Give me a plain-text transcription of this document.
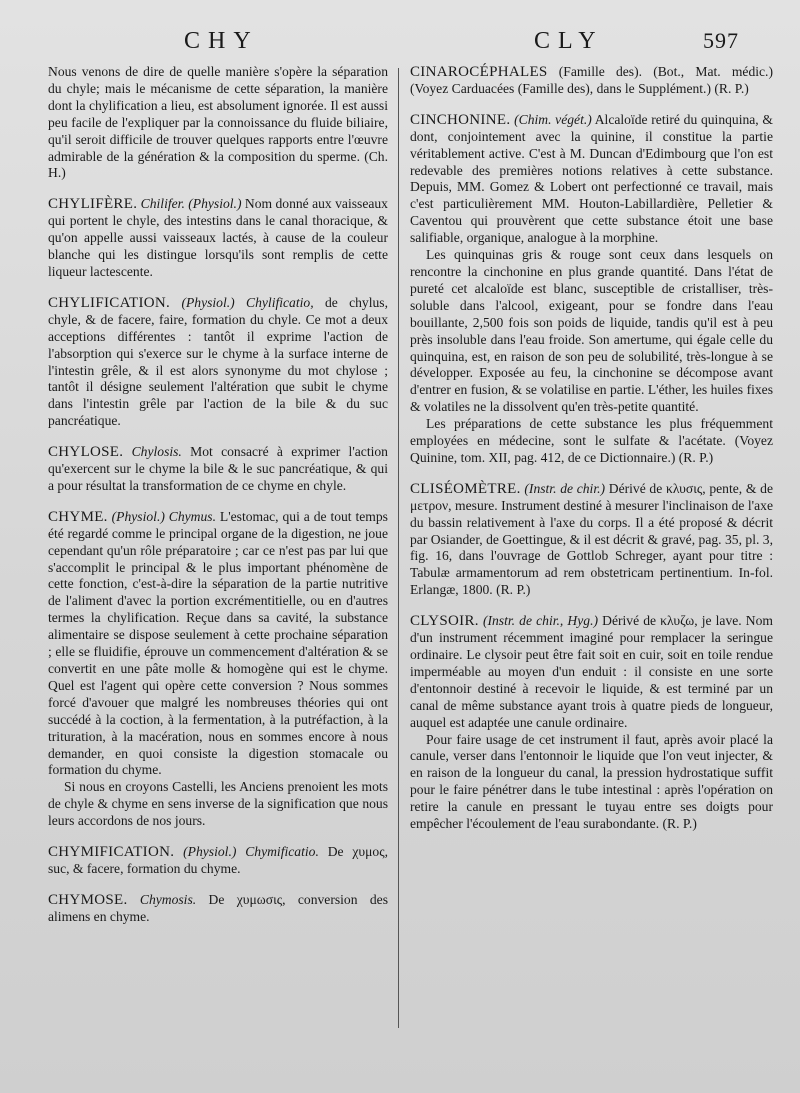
CHY	CLY	597

Nous venons de dire de quelle manière s'opère la séparation du chyle; mais le mécanisme de cette séparation, la manière dont la chylification a lieu, est absolument ignorée. Il est aussi peu facile de l'expliquer par la connoissance du fluide biliaire, qu'il seroit difficile de trouver quelques rapports entre l'œuvre admirable de la génération & la composition du sperme. (Ch. H.)

CHYLIFÈRE. Chilifer. (Physiol.) Nom donné aux vaisseaux qui portent le chyle, des intestins dans le canal thoracique, & qu'on appelle aussi vaisseaux lactés, à cause de la couleur blanche qui les distingue lorsqu'ils sont remplis de cette liqueur lactescente.

CHYLIFICATION. (Physiol.) Chylificatio, de chylus, chyle, & de facere, faire, formation du chyle. Ce mot a deux acceptions différentes : tantôt il exprime l'action de l'absorption qui s'exerce sur le chyme à la surface interne de l'intestin grêle, & il est alors synonyme du mot chylose ; tantôt il désigne seulement l'altération que subit le chyme dans l'intestin grêle par l'action de la bile & du suc pancréatique.

CHYLOSE. Chylosis. Mot consacré à exprimer l'action qu'exercent sur le chyme la bile & le suc pancréatique, & qui a pour résultat la transformation de ce chyme en chyle.

CHYME. (Physiol.) Chymus. L'estomac, qui a de tout temps été regardé comme le principal organe de la digestion, ne joue cependant qu'un rôle préparatoire ; car ce n'est pas par lui que s'accomplit le principal & le plus important phénomène de cette fonction, c'est-à-dire la séparation de la partie nutritive de l'aliment d'avec la portion excrémentitielle, ou en d'autres termes la chylification. Reçue dans sa cavité, la substance alimentaire se dispose seulement à cette prochaine séparation ; elle se fluidifie, éprouve un commencement d'altération & se convertit en une pâte molle & homogène qui est le chyme. Quel est l'agent qui opère cette conversion ? Nous sommes forcé d'avouer que malgré les nombreuses théories qui ont succédé à la coction, à la fermentation, à la putréfaction, à la trituration, à la macération, nous en sommes encore à nous demander, en quoi consiste la digestion stomacale ou formation du chyme.

Si nous en croyons Castelli, les Anciens prenoient les mots de chyle & chyme en sens inverse de la signification que nous leurs accordons de nos jours.

CHYMIFICATION. (Physiol.) Chymificatio. De χυμος, suc, & facere, formation du chyme.

CHYMOSE. Chymosis. De χυμωσις, conversion des alimens en chyme.

CINAROCÉPHALES (Famille des). (Bot., Mat. médic.) (Voyez Carduacées (Famille des), dans le Supplément.) (R. P.)

CINCHONINE. (Chim. végét.) Alcaloïde retiré du quinquina, & dont, conjointement avec la quinine, il constitue la partie véritablement active. C'est à M. Duncan d'Edimbourg que l'on est redevable des premières notions relatives à cette substance. Depuis, MM. Gomez & Lobert ont perfectionné ce travail, mais c'est particulièrement MM. Houton-Labillardière, Pelletier & Caventou qui prouvèrent que cette substance étoit une base salifiable, organique, analogue à la morphine.

Les quinquinas gris & rouge sont ceux dans lesquels on rencontre la cinchonine en plus grande quantité. Dans l'état de pureté cet alcaloïde est blanc, susceptible de cristalliser, très-soluble dans l'alcool, exigeant, pour se fondre dans l'eau bouillante, 2,500 fois son poids de liquide, tandis qu'il est à peu près insoluble dans l'eau froide. Son amertume, qui égale celle du quinquina, est, en raison de son peu de solubilité, très-longue à se développer. Exposée au feu, la cinchonine se décompose avant d'entrer en fusion, & se volatilise en partie. L'éther, les huiles fixes & volatiles ne la dissolvent qu'en très-petite quantité.

Les préparations de cette substance les plus fréquemment employées en médecine, sont le sulfate & l'acétate. (Voyez Quinine, tom. XII, pag. 412, de ce Dictionnaire.) (R. P.)

CLISÉOMÈTRE. (Instr. de chir.) Dérivé de κλυσις, pente, & de μετρον, mesure. Instrument destiné à mesurer l'inclinaison de l'axe du bassin relativement à l'axe du corps. Il a été proposé & décrit par Osiander, de Goettingue, & il est décrit & gravé, pag. 35, pl. 3, fig. 16, dans l'ouvrage de Gottlob Schreger, ayant pour titre : Tabulæ armamentorum ad rem obstetricam pertinentium. In-fol. Erlangæ, 1800. (R. P.)

CLYSOIR. (Instr. de chir., Hyg.) Dérivé de κλυζω, je lave. Nom d'un instrument récemment imaginé pour remplacer la seringue ordinaire. Le clysoir peut être fait soit en cuir, soit en toile rendue imperméable au moyen d'un enduit : il consiste en une sorte d'entonnoir destiné à recevoir le liquide, & est terminé par un canal de même substance ayant trois à quatre pieds de longueur, auquel est adaptée une canule ordinaire.

Pour faire usage de cet instrument il faut, après avoir placé la canule, verser dans l'entonnoir le liquide que l'on veut injecter, & en raison de la longueur du canal, la pression hydrostatique suffit pour le faire pénétrer dans le tube intestinal : après l'opération on retire la canule en pressant le tuyau entre ses doigts pour empêcher l'écoulement de l'eau surabondante. (R. P.)
